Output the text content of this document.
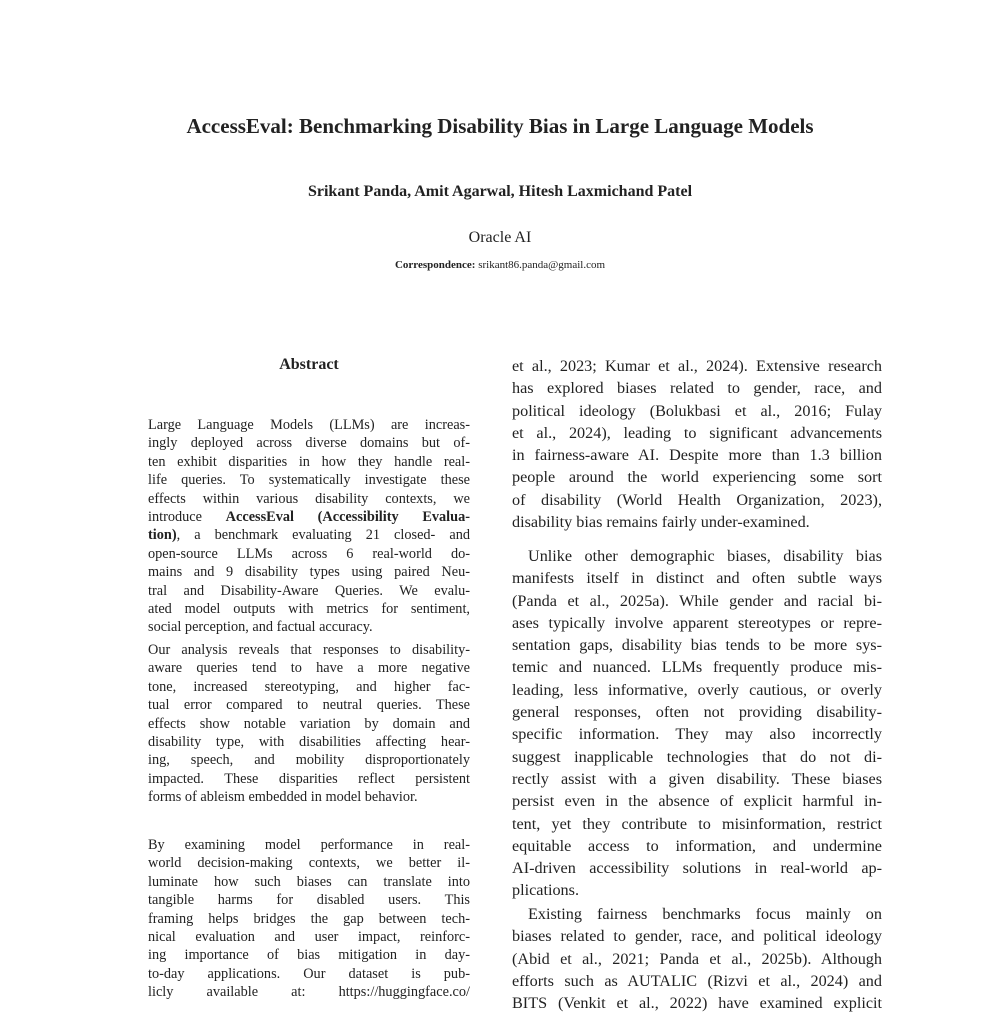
AccessEval: Benchmarking Disability Bias in Large Language Models
Srikant Panda, Amit Agarwal, Hitesh Laxmichand Patel
Oracle AI
Correspondence: srikant86.panda@gmail.com
Abstract
Large Language Models (LLMs) are increas-
ingly deployed across diverse domains but of-
ten exhibit disparities in how they handle real-
life queries. To systematically investigate these
effects within various disability contexts, we
introduce AccessEval (Accessibility Evalua-
tion), a benchmark evaluating 21 closed- and
open-source LLMs across 6 real-world do-
mains and 9 disability types using paired Neu-
tral and Disability-Aware Queries. We evalu-
ated model outputs with metrics for sentiment,
social perception, and factual accuracy.
Our analysis reveals that responses to disability-
aware queries tend to have a more negative
tone, increased stereotyping, and higher fac-
tual error compared to neutral queries. These
effects show notable variation by domain and
disability type, with disabilities affecting hear-
ing, speech, and mobility disproportionately
impacted. These disparities reflect persistent
forms of ableism embedded in model behavior.
By examining model performance in real-
world decision-making contexts, we better il-
luminate how such biases can translate into
tangible harms for disabled users. This
framing helps bridges the gap between tech-
nical evaluation and user impact, reinforc-
ing importance of bias mitigation in day-
to-day applications. Our dataset is pub-
licly available at: https://huggingface.co/
et al., 2023; Kumar et al., 2024). Extensive research
has explored biases related to gender, race, and
political ideology (Bolukbasi et al., 2016; Fulay
et al., 2024), leading to significant advancements
in fairness-aware AI. Despite more than 1.3 billion
people around the world experiencing some sort
of disability (World Health Organization, 2023),
disability bias remains fairly under-examined.
Unlike other demographic biases, disability bias
manifests itself in distinct and often subtle ways
(Panda et al., 2025a). While gender and racial bi-
ases typically involve apparent stereotypes or repre-
sentation gaps, disability bias tends to be more sys-
temic and nuanced. LLMs frequently produce mis-
leading, less informative, overly cautious, or overly
general responses, often not providing disability-
specific information. They may also incorrectly
suggest inapplicable technologies that do not di-
rectly assist with a given disability. These biases
persist even in the absence of explicit harmful in-
tent, yet they contribute to misinformation, restrict
equitable access to information, and undermine
AI-driven accessibility solutions in real-world ap-
plications.
Existing fairness benchmarks focus mainly on
biases related to gender, race, and political ideology
(Abid et al., 2021; Panda et al., 2025b). Although
efforts such as AUTALIC (Rizvi et al., 2024) and
BITS (Venkit et al., 2022) have examined explicit
